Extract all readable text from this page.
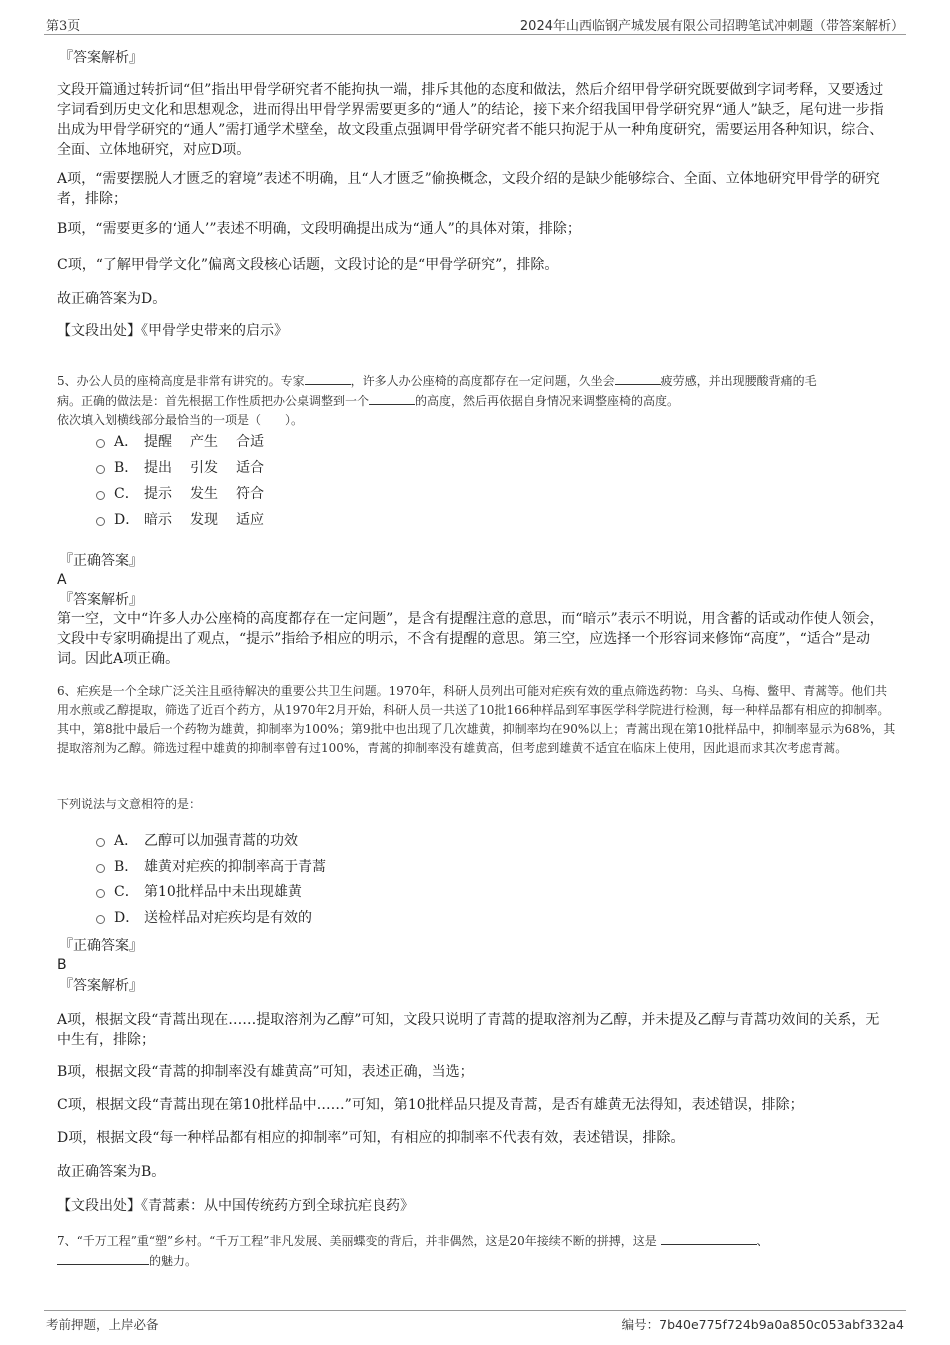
第3页	2024年山西临钢产城发展有限公司招聘笔试冲刺题（带答案解析）
『答案解析』

文段开篇通过转折词“但”指出甲骨学研究者不能拘执一端，排斥其他的态度和做法，然后介绍甲骨学研究既要做到字词考释，又要透过字词看到历史文化和思想观念，进而得出甲骨学界需要更多的“通人”的结论，接下来介绍我国甲骨学研究界“通人”缺乏，尾句进一步指出成为甲骨学研究的“通人”需打通学术壁垒，故文段重点强调甲骨学研究者不能只拘泥于从一种角度研究，需要运用各种知识，综合、全面、立体地研究，对应D项。

A项，“需要摆脱人才匮乏的窘境”表述不明确，且“人才匮乏”偷换概念，文段介绍的是缺少能够综合、全面、立体地研究甲骨学的研究者，排除；

B项，“需要更多的‘通人’”表述不明确，文段明确提出成为“通人”的具体对策，排除；

C项，“了解甲骨学文化”偏离文段核心话题，文段讨论的是“甲骨学研究”，排除。

故正确答案为D。

【文段出处】《甲骨学史带来的启示》
5、办公人员的座椅高度是非常有讲究的。专家	，许多人办公座椅的高度都存在一定问题，久坐会	疲劳感，并出现腰酸背痛的毛
病。正确的做法是：首先根据工作性质把办公桌调整到一个	的高度，然后再依据自身情况来调整座椅的高度。
依次填入划横线部分最恰当的一项是（　　）。
A． 提醒 产生 合适
B． 提出 引发 适合
C． 提示 发生 符合
D． 暗示 发现 适应
『正确答案』
A
『答案解析』

第一空，文中“许多人办公座椅的高度都存在一定问题”，是含有提醒注意的意思，而“暗示”表示不明说，用含蓄的话或动作使人领会，文段中专家明确提出了观点，“提示”指给予相应的明示，不含有提醒的意思。第三空，应选择一个形容词来修饰“高度”，“适合”是动词。因此A项正确。

6、疟疾是一个全球广泛关注且亟待解决的重要公共卫生问题。1970年，科研人员列出可能对疟疾有效的重点筛选药物：乌头、乌梅、鳖甲、青蒿等。他们共用水煎或乙醇提取，筛选了近百个药方，从1970年2月开始，科研人员一共送了10批166种样品到军事医学科学院进行检测，每一种样品都有相应的抑制率。其中，第8批中最后一个药物为雄黄，抑制率为100%；第9批中也出现了几次雄黄，抑制率均在90%以上；青蒿出现在第10批样品中，抑制率显示为68%，其提取溶剂为乙醇。筛选过程中雄黄的抑制率曾有过100%，青蒿的抑制率没有雄黄高，但考虑到雄黄不适宜在临床上使用，因此退而求其次考虑青蒿。

下列说法与文意相符的是：
A． 乙醇可以加强青蒿的功效
B． 雄黄对疟疾的抑制率高于青蒿
C． 第10批样品中未出现雄黄
D． 送检样品对疟疾均是有效的
『正确答案』
B
『答案解析』

A项，根据文段“青蒿出现在……提取溶剂为乙醇”可知，文段只说明了青蒿的提取溶剂为乙醇，并未提及乙醇与青蒿功效间的关系，无中生有，排除；

B项，根据文段“青蒿的抑制率没有雄黄高”可知，表述正确，当选；

C项，根据文段“青蒿出现在第10批样品中……”可知，第10批样品只提及青蒿，是否有雄黄无法得知，表述错误，排除；

D项，根据文段“每一种样品都有相应的抑制率”可知，有相应的抑制率不代表有效，表述错误，排除。

故正确答案为B。

【文段出处】《青蒿素：从中国传统药方到全球抗疟良药》
7、“千万工程”重“塑”乡村。“千万工程”非凡发展、美丽蝶变的背后，并非偶然，这是20年接续不断的拼搏，这是	、
的魅力。
考前押题，上岸必备	编号：7b40e775f724b9a0a850c053abf332a4
